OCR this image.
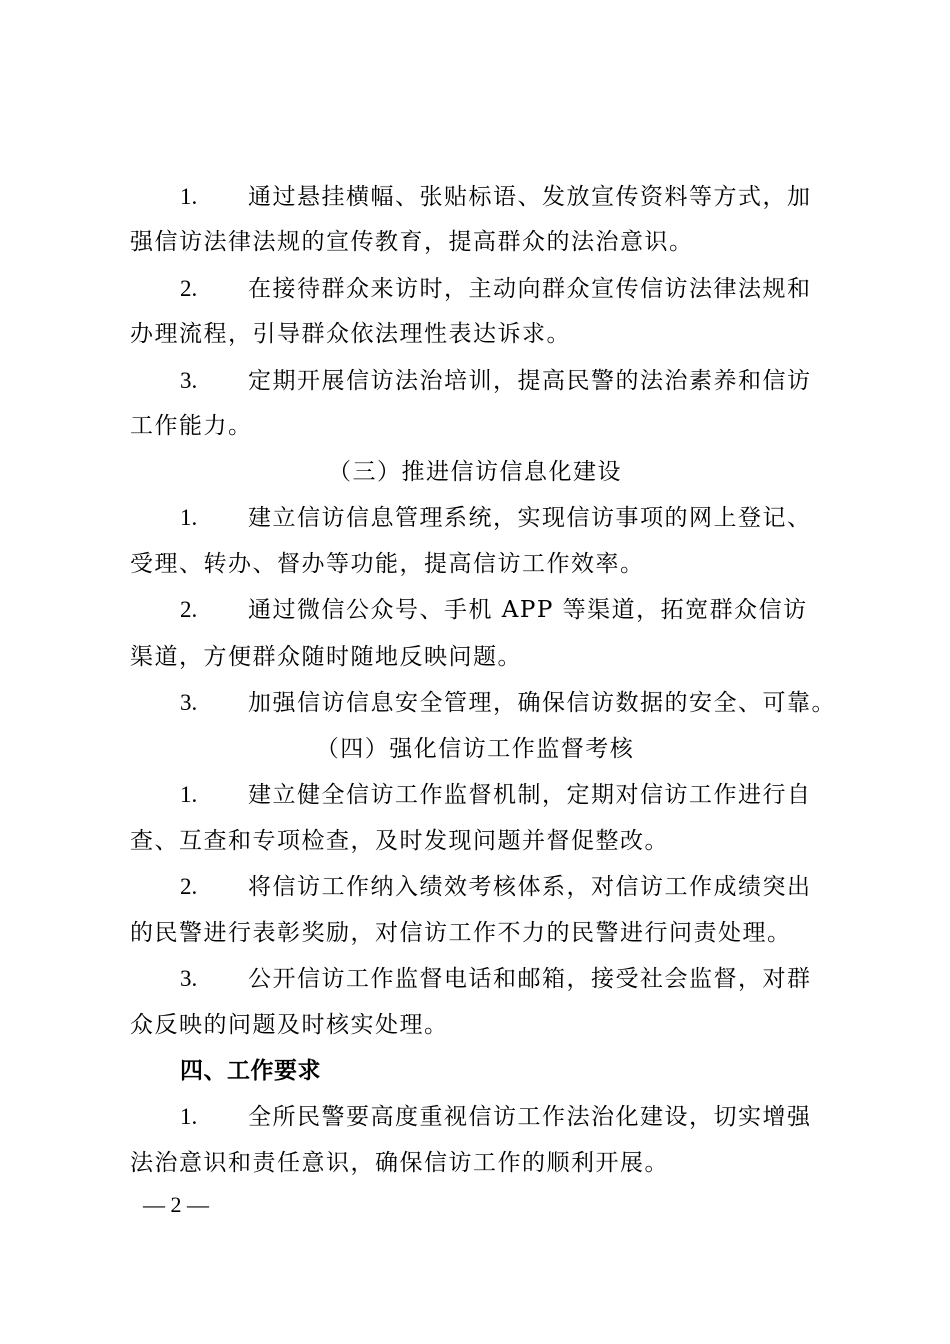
1. 通过悬挂横幅、张贴标语、发放宣传资料等方式，加
强信访法律法规的宣传教育，提高群众的法治意识。
2. 在接待群众来访时，主动向群众宣传信访法律法规和
办理流程，引导群众依法理性表达诉求。
3. 定期开展信访法治培训，提高民警的法治素养和信访
工作能力。
（三）推进信访信息化建设
1. 建立信访信息管理系统，实现信访事项的网上登记、
受理、转办、督办等功能，提高信访工作效率。
2. 通过微信公众号、手机 APP 等渠道，拓宽群众信访
渠道，方便群众随时随地反映问题。
3. 加强信访信息安全管理，确保信访数据的安全、可靠。
（四）强化信访工作监督考核
1. 建立健全信访工作监督机制，定期对信访工作进行自
查、互查和专项检查，及时发现问题并督促整改。
2. 将信访工作纳入绩效考核体系，对信访工作成绩突出
的民警进行表彰奖励，对信访工作不力的民警进行问责处理。
3. 公开信访工作监督电话和邮箱，接受社会监督，对群
众反映的问题及时核实处理。
四、工作要求
1. 全所民警要高度重视信访工作法治化建设，切实增强
法治意识和责任意识，确保信访工作的顺利开展。
— 2 —
